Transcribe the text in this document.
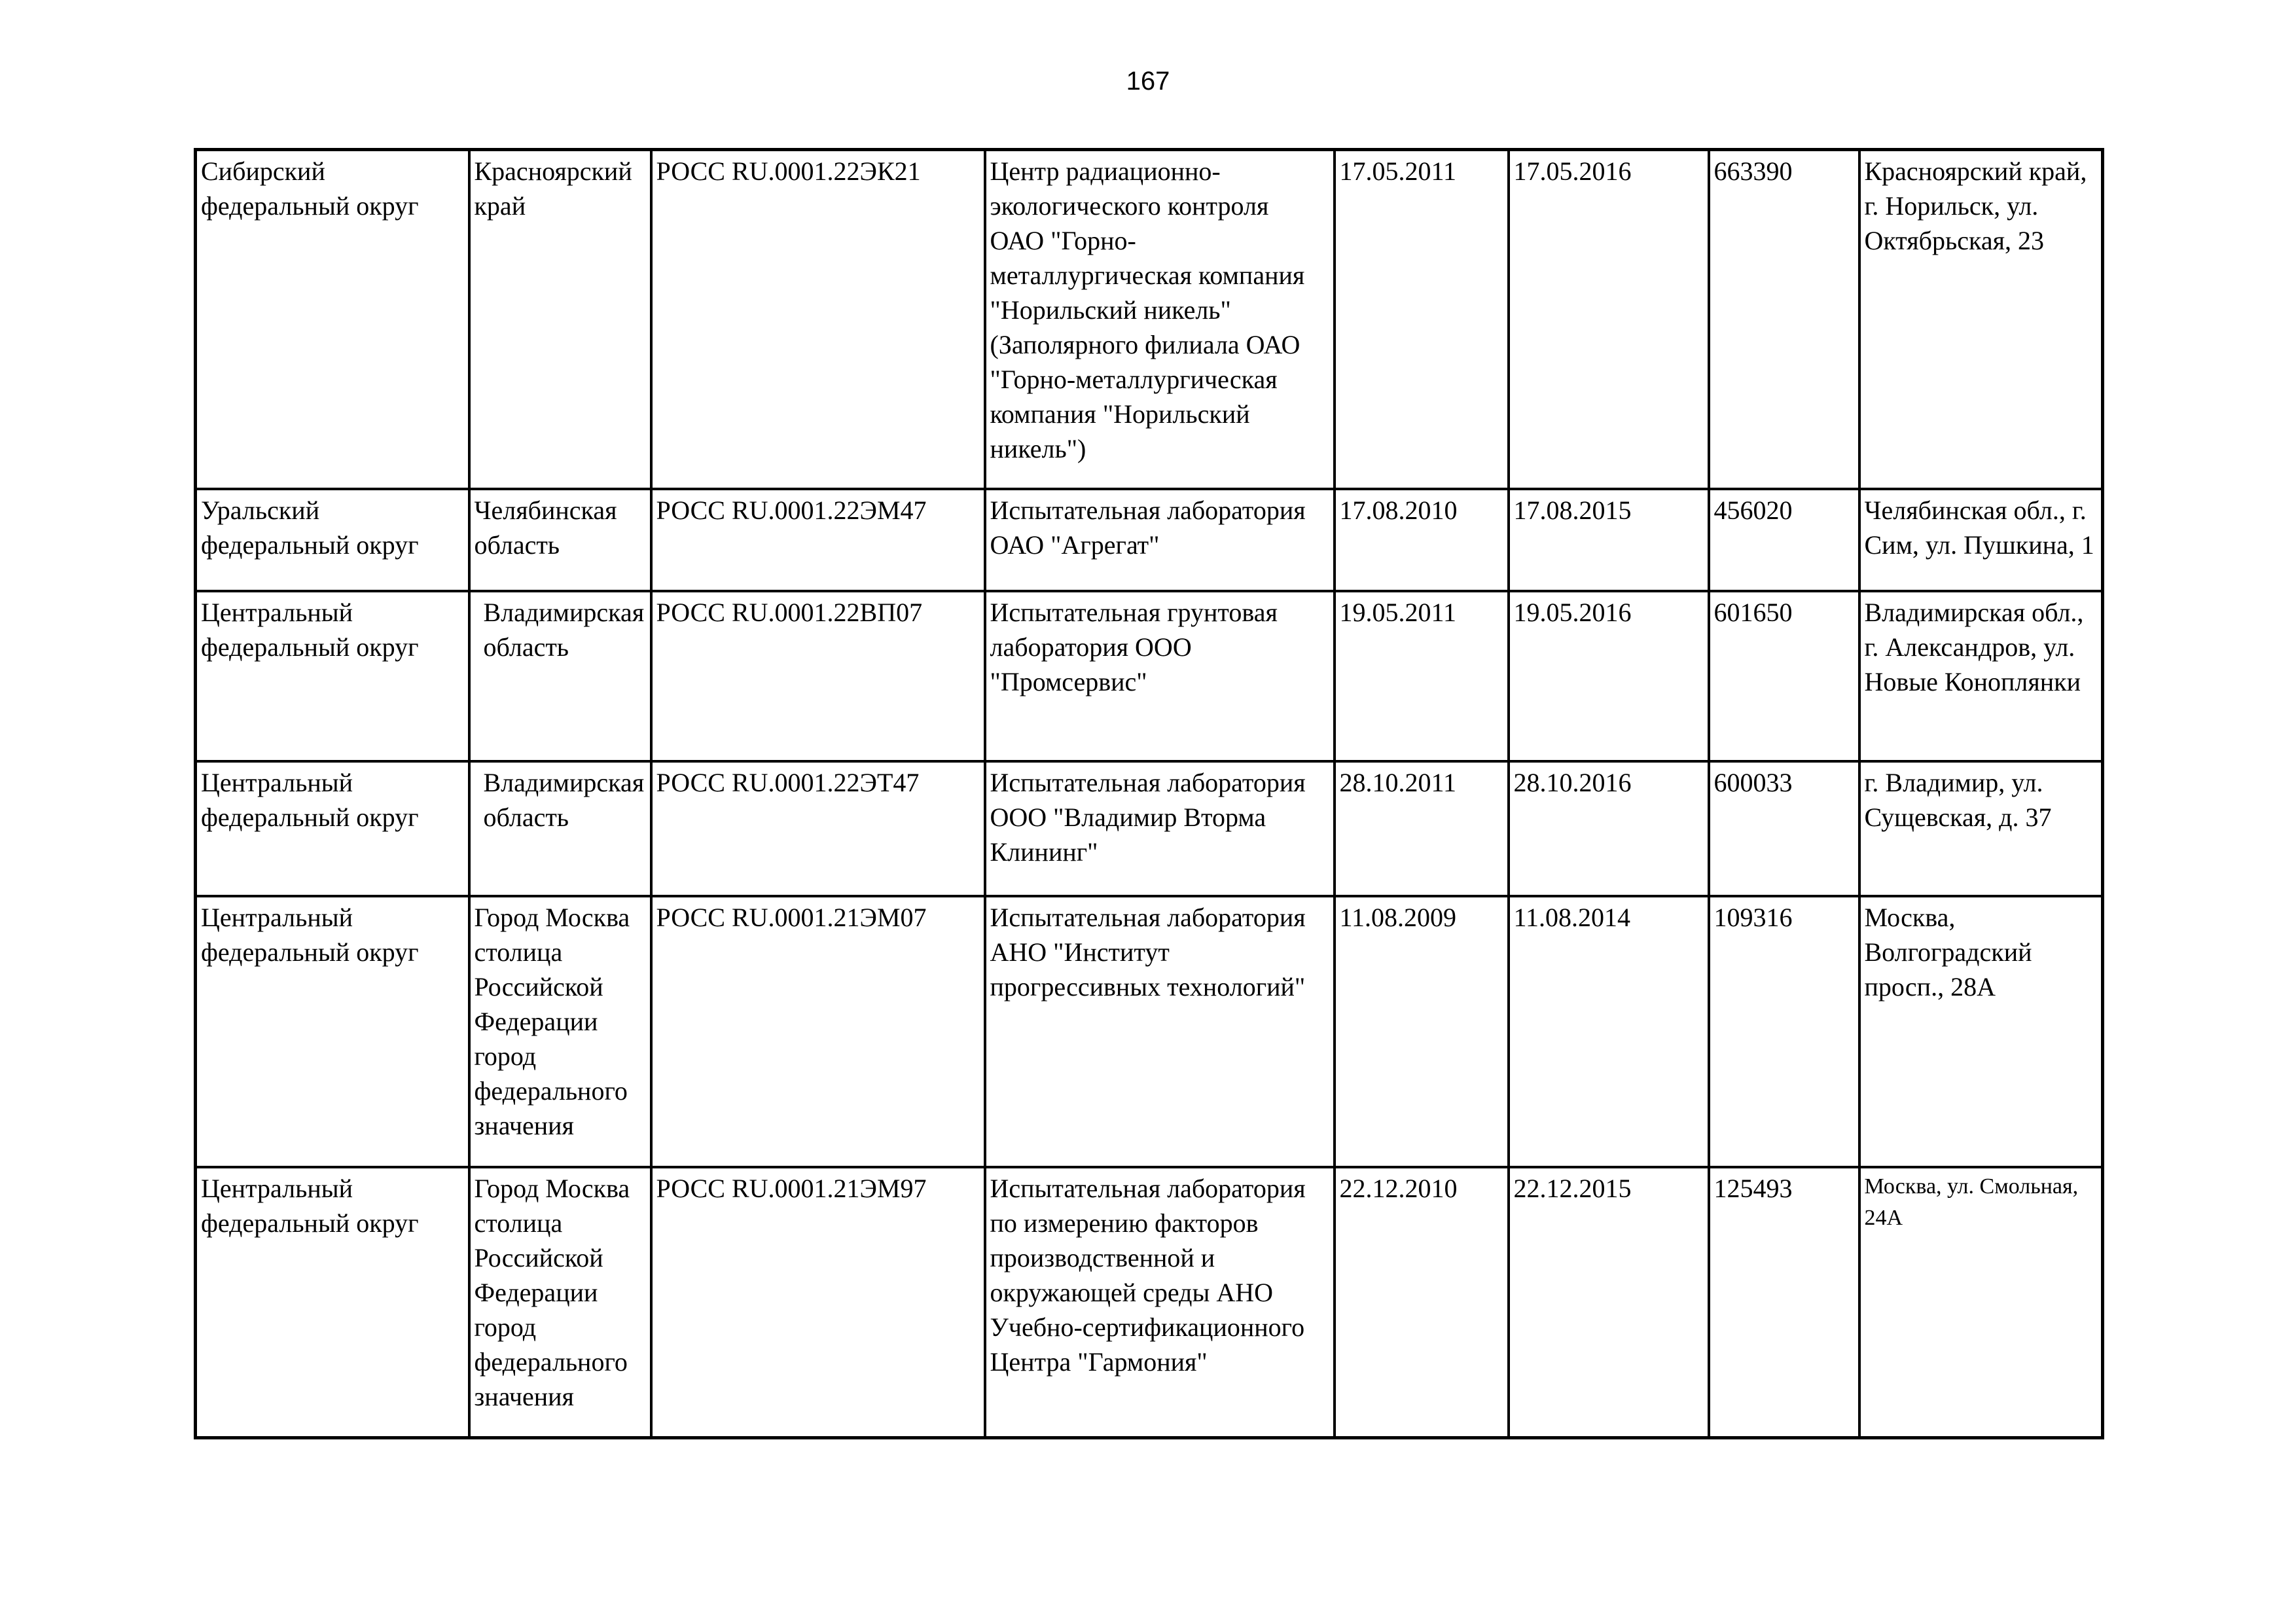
167
Сибирский федеральный округ	Красноярский край	РОСС RU.0001.22ЭК21	Центр радиационно-экологического контроля ОАО "Горно-металлургическая компания "Норильский никель" (Заполярного филиала ОАО "Горно-металлургическая компания "Норильский никель")	17.05.2011	17.05.2016	663390	Красноярский край, г. Норильск, ул. Октябрьская, 23
Уральский федеральный округ	Челябинская область	РОСС RU.0001.22ЭМ47	Испытательная лаборатория ОАО "Агрегат"	17.08.2010	17.08.2015	456020	Челябинская обл., г. Сим, ул. Пушкина, 1

Центральный федеральный округ	Владимирская область	РОСС RU.0001.22ВП07	Испытательная грунтовая лаборатория ООО "Промсервис"	19.05.2011	19.05.2016	601650	Владимирская обл., г. Александров, ул. Новые Коноплянки
Центральный федеральный округ	Владимирская область	РОСС RU.0001.22ЭТ47	Испытательная лаборатория ООО "Владимир Вторма Клининг"	28.10.2011	28.10.2016	600033	г. Владимир, ул. Сущевская, д. 37
Центральный федеральный округ	Город Москва столица Российской Федерации город федерального значения	РОСС RU.0001.21ЭМ07	Испытательная лаборатория АНО "Институт прогрессивных технологий"	11.08.2009	11.08.2014	109316	Москва, Волгоградский просп., 28А
Центральный федеральный округ	Город Москва столица Российской Федерации город федерального значения	РОСС RU.0001.21ЭМ97	Испытательная лаборатория по измерению факторов производственной и окружающей среды АНО Учебно-сертификационного Центра "Гармония"	22.12.2010	22.12.2015	125493	Москва, ул. Смольная, 24А
